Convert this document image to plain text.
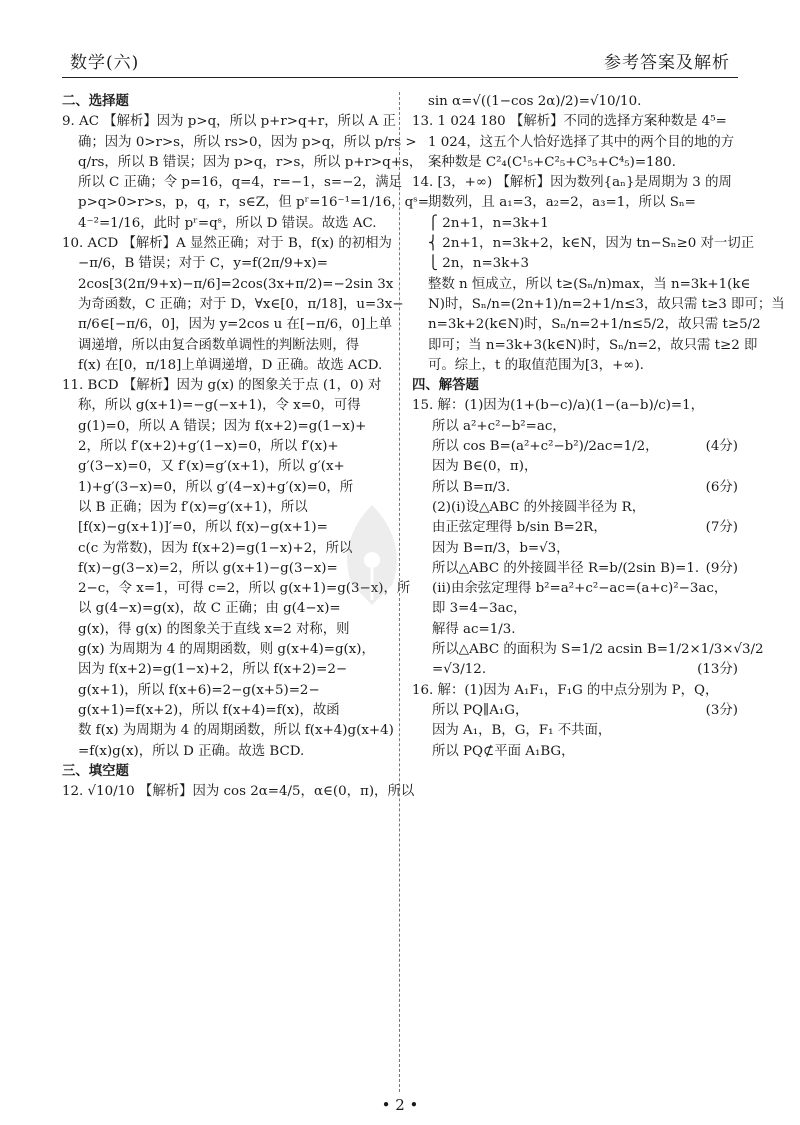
数学(六)	参考答案及解析
二、选择题
9. AC 【解析】因为 p>q，所以 p+r>q+r，所以 A 正
确；因为 0>r>s，所以 rs>0，因为 p>q，所以 p/rs >
q/rs，所以 B 错误；因为 p>q，r>s，所以 p+r>q+s，
所以 C 正确；令 p=16，q=4，r=−1，s=−2，满足
p>q>0>r>s，p，q，r，s∈Z，但 pʳ=16⁻¹=1/16，qˢ=
4⁻²=1/16，此时 pʳ=qˢ，所以 D 错误。故选 AC.
10. ACD 【解析】A 显然正确；对于 B，f(x) 的初相为
−π/6，B 错误；对于 C，y=f(2π/9+x)=
2cos[3(2π/9+x)−π/6]=2cos(3x+π/2)=−2sin 3x
为奇函数，C 正确；对于 D，∀x∈[0，π/18]，u=3x−
π/6∈[−π/6，0]，因为 y=2cos u 在[−π/6，0]上单
调递增，所以由复合函数单调性的判断法则，得
f(x) 在[0，π/18]上单调递增，D 正确。故选 ACD.
11. BCD 【解析】因为 g(x) 的图象关于点 (1，0) 对
称，所以 g(x+1)=−g(−x+1)，令 x=0，可得
g(1)=0，所以 A 错误；因为 f(x+2)=g(1−x)+
2，所以 f′(x+2)+g′(1−x)=0，所以 f′(x)+
g′(3−x)=0，又 f′(x)=g′(x+1)，所以 g′(x+
1)+g′(3−x)=0，所以 g′(4−x)+g′(x)=0，所
以 B 正确；因为 f′(x)=g′(x+1)，所以
[f(x)−g(x+1)]′=0，所以 f(x)−g(x+1)=
c(c 为常数)，因为 f(x+2)=g(1−x)+2，所以
f(x)−g(3−x)=2，所以 g(x+1)−g(3−x)=
2−c，令 x=1，可得 c=2，所以 g(x+1)=g(3−x)，所
以 g(4−x)=g(x)，故 C 正确；由 g(4−x)=
g(x)，得 g(x) 的图象关于直线 x=2 对称，则
g(x) 为周期为 4 的周期函数，则 g(x+4)=g(x)，
因为 f(x+2)=g(1−x)+2，所以 f(x+2)=2−
g(x+1)，所以 f(x+6)=2−g(x+5)=2−
g(x+1)=f(x+2)，所以 f(x+4)=f(x)，故函
数 f(x) 为周期为 4 的周期函数，所以 f(x+4)g(x+4)
=f(x)g(x)，所以 D 正确。故选 BCD.
三、填空题
12. √10/10 【解析】因为 cos 2α=4/5，α∈(0，π)，所以
sin α=√((1−cos 2α)/2)=√10/10.
13. 1 024 180 【解析】不同的选择方案种数是 4⁵=
1 024，这五个人恰好选择了其中的两个目的地的方
案种数是 C²₄(C¹₅+C²₅+C³₅+C⁴₅)=180.
14. [3，+∞) 【解析】因为数列{aₙ}是周期为 3 的周
期数列，且 a₁=3，a₂=2，a₃=1，所以 Sₙ=
⎧ 2n+1，n=3k+1
⎨ 2n+1，n=3k+2，k∈N，因为 tn−Sₙ≥0 对一切正
⎩ 2n，n=3k+3
整数 n 恒成立，所以 t≥(Sₙ/n)max，当 n=3k+1(k∈
N)时，Sₙ/n=(2n+1)/n=2+1/n≤3，故只需 t≥3 即可；当
n=3k+2(k∈N)时，Sₙ/n=2+1/n≤5/2，故只需 t≥5/2
即可；当 n=3k+3(k∈N)时，Sₙ/n=2，故只需 t≥2 即
可。综上，t 的取值范围为[3，+∞).
四、解答题
15. 解：(1)因为(1+(b−c)/a)(1−(a−b)/c)=1，
所以 a²+c²−b²=ac，
所以 cos B=(a²+c²−b²)/2ac=1/2，	(4分)
因为 B∈(0，π)，
所以 B=π/3.	(6分)
(2)(ⅰ)设△ABC 的外接圆半径为 R，
由正弦定理得 b/sin B=2R，	(7分)
因为 B=π/3，b=√3，
所以△ABC 的外接圆半径 R=b/(2sin B)=1. (9分)
(ⅱ)由余弦定理得 b²=a²+c²−ac=(a+c)²−3ac，
即 3=4−3ac，
解得 ac=1/3.
所以△ABC 的面积为 S=1/2 acsin B=1/2×1/3×√3/2
=√3/12.	(13分)
16. 解：(1)因为 A₁F₁，F₁G 的中点分别为 P，Q，
所以 PQ∥A₁G，	(3分)
因为 A₁，B，G，F₁ 不共面，
所以 PQ⊄平面 A₁BG，
• 2 •
